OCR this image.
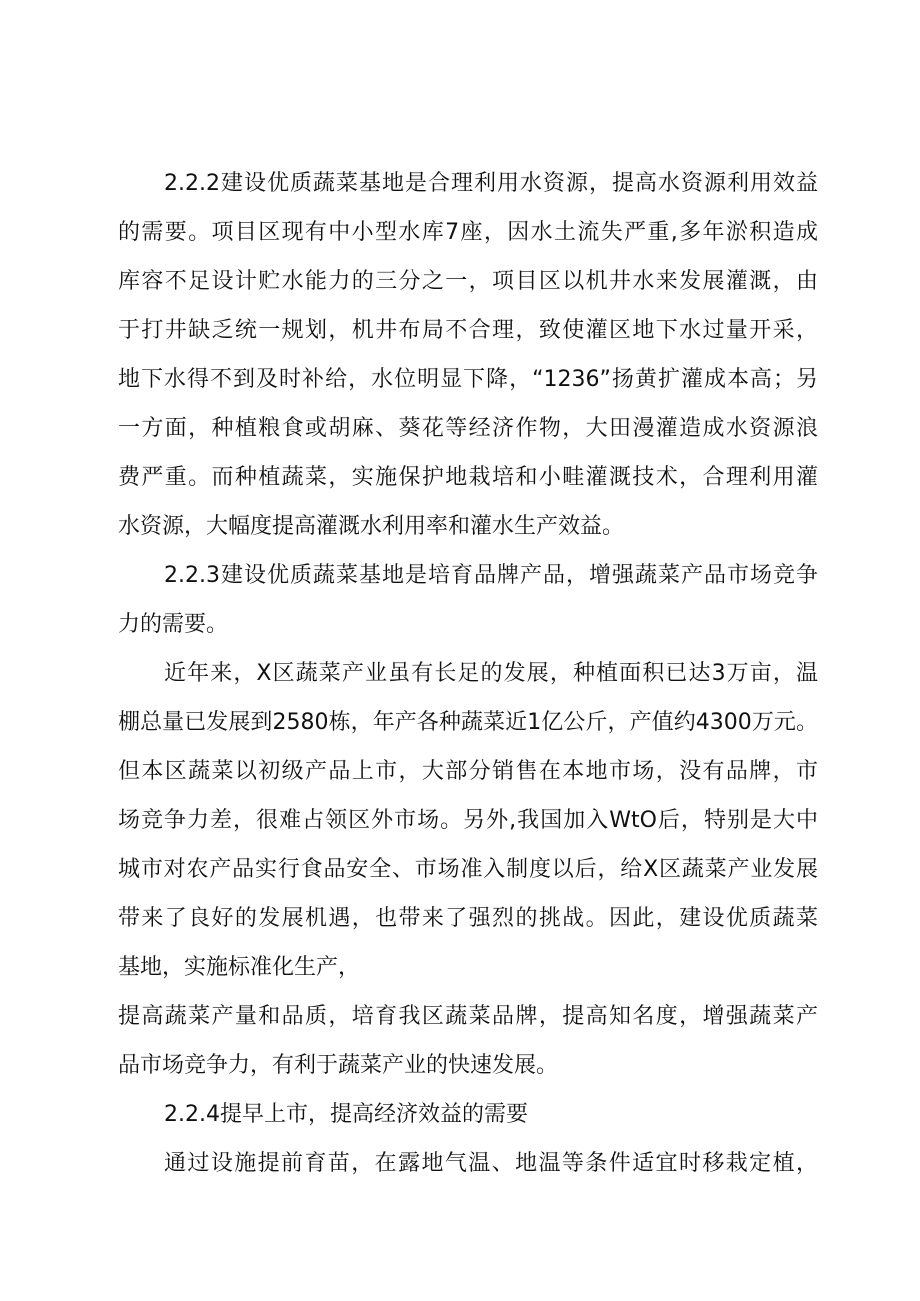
2.2.2建设优质蔬菜基地是合理利用水资源，提高水资源利用效益
的需要。项目区现有中小型水库7座，因水土流失严重,多年淤积造成
库容不足设计贮水能力的三分之一，项目区以机井水来发展灌溉，由
于打井缺乏统一规划，机井布局不合理，致使灌区地下水过量开采，
地下水得不到及时补给，水位明显下降，“1236”扬黄扩灌成本高；另
一方面，种植粮食或胡麻、葵花等经济作物，大田漫灌造成水资源浪
费严重。而种植蔬菜，实施保护地栽培和小畦灌溉技术，合理利用灌
水资源，大幅度提高灌溉水利用率和灌水生产效益。
2.2.3建设优质蔬菜基地是培育品牌产品，增强蔬菜产品市场竞争
力的需要。
近年来，X区蔬菜产业虽有长足的发展，种植面积已达3万亩，温
棚总量已发展到2580栋，年产各种蔬菜近1亿公斤，产值约4300万元。
但本区蔬菜以初级产品上市，大部分销售在本地市场，没有品牌，市
场竞争力差，很难占领区外市场。另外,我国加入WtO后，特别是大中
城市对农产品实行食品安全、市场准入制度以后，给X区蔬菜产业发展
带来了良好的发展机遇，也带来了强烈的挑战。因此，建设优质蔬菜
基地，实施标准化生产，
提高蔬菜产量和品质，培育我区蔬菜品牌，提高知名度，增强蔬菜产
品市场竞争力，有利于蔬菜产业的快速发展。
2.2.4提早上市，提高经济效益的需要
通过设施提前育苗，在露地气温、地温等条件适宜时移栽定植，
